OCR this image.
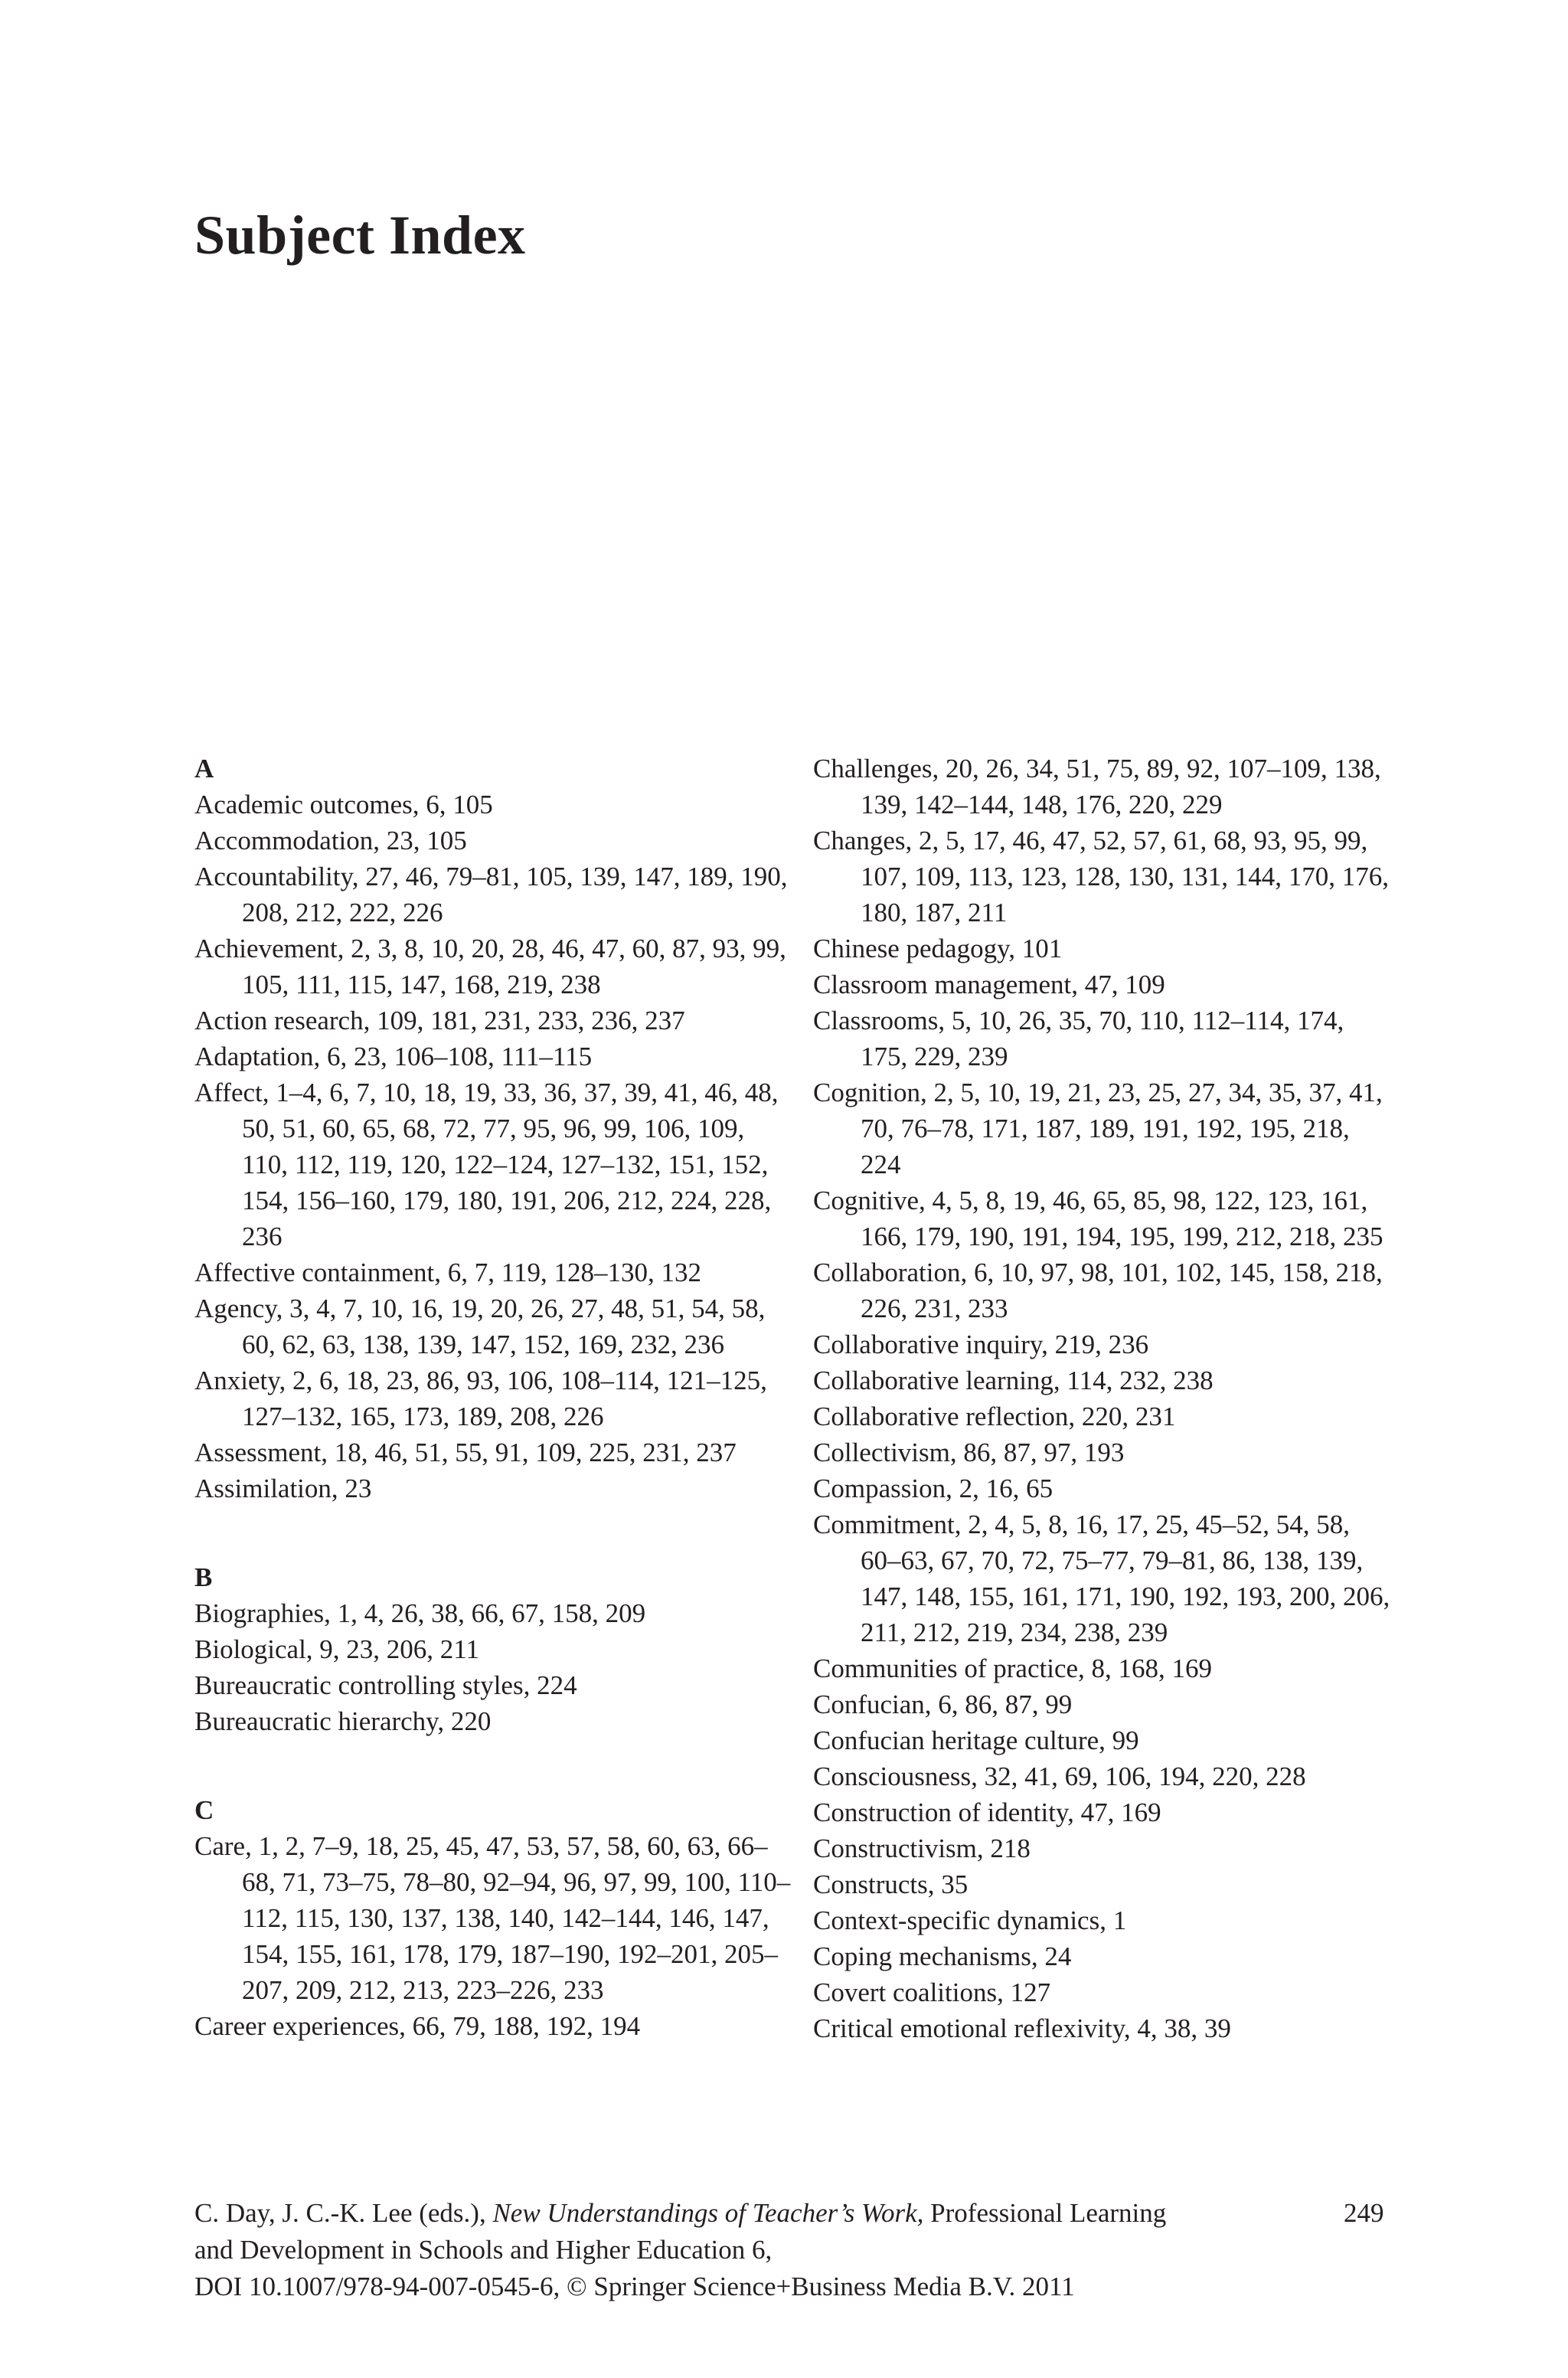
Subject Index
A

Academic outcomes, 6, 105

Accommodation, 23, 105

Accountability, 27, 46, 79–81, 105, 139, 147, 189, 190, 208, 212, 222, 226

Achievement, 2, 3, 8, 10, 20, 28, 46, 47, 60, 87, 93, 99, 105, 111, 115, 147, 168, 219, 238

Action research, 109, 181, 231, 233, 236, 237

Adaptation, 6, 23, 106–108, 111–115

Affect, 1–4, 6, 7, 10, 18, 19, 33, 36, 37, 39, 41, 46, 48, 50, 51, 60, 65, 68, 72, 77, 95, 96, 99, 106, 109, 110, 112, 119, 120, 122–124, 127–132, 151, 152, 154, 156–160, 179, 180, 191, 206, 212, 224, 228, 236

Affective containment, 6, 7, 119, 128–130, 132

Agency, 3, 4, 7, 10, 16, 19, 20, 26, 27, 48, 51, 54, 58, 60, 62, 63, 138, 139, 147, 152, 169, 232, 236

Anxiety, 2, 6, 18, 23, 86, 93, 106, 108–114, 121–125, 127–132, 165, 173, 189, 208, 226

Assessment, 18, 46, 51, 55, 91, 109, 225, 231, 237

Assimilation, 23

B

Biographies, 1, 4, 26, 38, 66, 67, 158, 209

Biological, 9, 23, 206, 211

Bureaucratic controlling styles, 224

Bureaucratic hierarchy, 220

C

Care, 1, 2, 7–9, 18, 25, 45, 47, 53, 57, 58, 60, 63, 66–68, 71, 73–75, 78–80, 92–94, 96, 97, 99, 100, 110–112, 115, 130, 137, 138, 140, 142–144, 146, 147, 154, 155, 161, 178, 179, 187–190, 192–201, 205–207, 209, 212, 213, 223–226, 233

Career experiences, 66, 79, 188, 192, 194

Challenges, 20, 26, 34, 51, 75, 89, 92, 107–109, 138, 139, 142–144, 148, 176, 220, 229

Changes, 2, 5, 17, 46, 47, 52, 57, 61, 68, 93, 95, 99, 107, 109, 113, 123, 128, 130, 131, 144, 170, 176, 180, 187, 211

Chinese pedagogy, 101

Classroom management, 47, 109

Classrooms, 5, 10, 26, 35, 70, 110, 112–114, 174, 175, 229, 239

Cognition, 2, 5, 10, 19, 21, 23, 25, 27, 34, 35, 37, 41, 70, 76–78, 171, 187, 189, 191, 192, 195, 218, 224

Cognitive, 4, 5, 8, 19, 46, 65, 85, 98, 122, 123, 161, 166, 179, 190, 191, 194, 195, 199, 212, 218, 235

Collaboration, 6, 10, 97, 98, 101, 102, 145, 158, 218, 226, 231, 233

Collaborative inquiry, 219, 236

Collaborative learning, 114, 232, 238

Collaborative reflection, 220, 231

Collectivism, 86, 87, 97, 193

Compassion, 2, 16, 65

Commitment, 2, 4, 5, 8, 16, 17, 25, 45–52, 54, 58, 60–63, 67, 70, 72, 75–77, 79–81, 86, 138, 139, 147, 148, 155, 161, 171, 190, 192, 193, 200, 206, 211, 212, 219, 234, 238, 239

Communities of practice, 8, 168, 169

Confucian, 6, 86, 87, 99

Confucian heritage culture, 99

Consciousness, 32, 41, 69, 106, 194, 220, 228

Construction of identity, 47, 169

Constructivism, 218

Constructs, 35

Context-specific dynamics, 1

Coping mechanisms, 24

Covert coalitions, 127

Critical emotional reflexivity, 4, 38, 39

C. Day, J. C.-K. Lee (eds.), New Understandings of Teacher’s Work, Professional Learning
and Development in Schools and Higher Education 6,
DOI 10.1007/978-94-007-0545-6, © Springer Science+Business Media B.V. 2011
249
